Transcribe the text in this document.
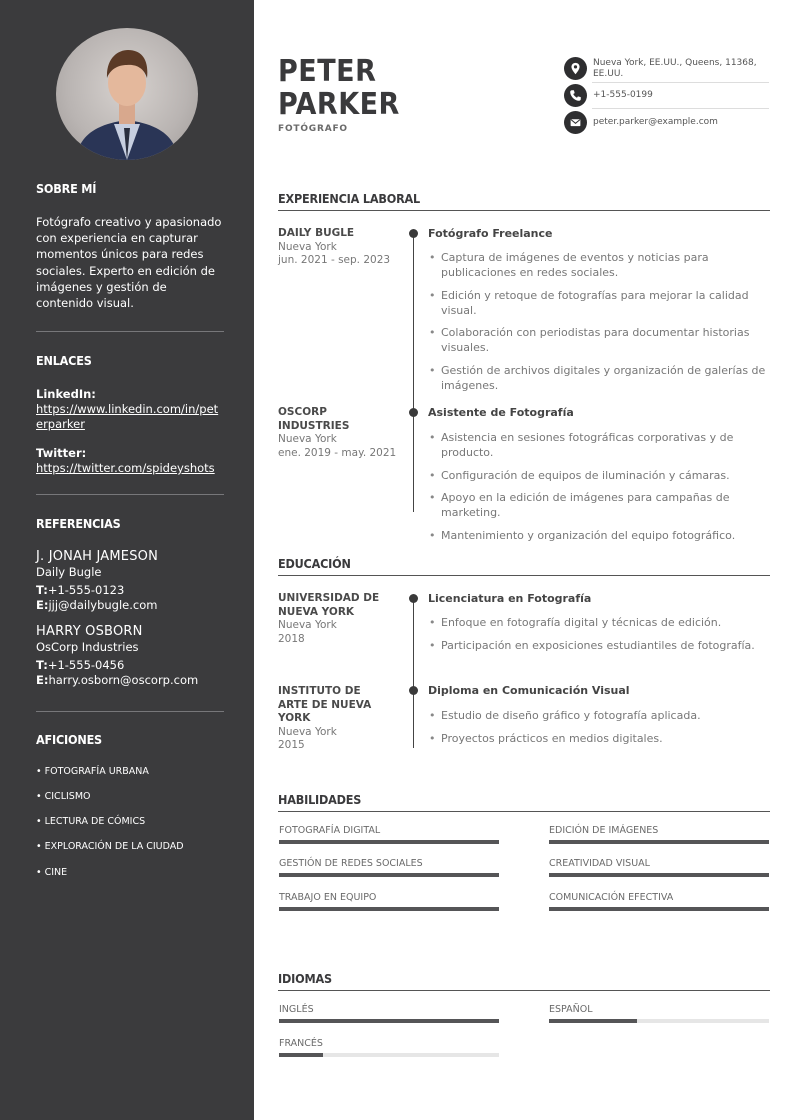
SOBRE MÍ
Fotógrafo creativo y apasionado con experiencia en capturar momentos únicos para redes sociales. Experto en edición de imágenes y gestión de contenido visual.
ENLACES
LinkedIn:
https://www.linkedin.com/in/peterparker
Twitter:
https://twitter.com/spideyshots
REFERENCIAS
J. JONAH JAMESON
Daily Bugle
T:+1-555-0123
E:jjj@dailybugle.com
HARRY OSBORN
OsCorp Industries
T:+1-555-0456
E:harry.osborn@oscorp.com
AFICIONES
• FOTOGRAFÍA URBANA
• CICLISMO
• LECTURA DE CÓMICS
• EXPLORACIÓN DE LA CIUDAD
• CINE
PETER
PARKER
FOTÓGRAFO
Nueva York, EE.UU., Queens, 11368, EE.UU.
+1-555-0199
peter.parker@example.com
EXPERIENCIA LABORAL
DAILY BUGLE
Nueva York
jun. 2021 - sep. 2023
Fotógrafo Freelance
• Captura de imágenes de eventos y noticias para publicaciones en redes sociales.
• Edición y retoque de fotografías para mejorar la calidad visual.
• Colaboración con periodistas para documentar historias visuales.
• Gestión de archivos digitales y organización de galerías de imágenes.
OSCORP INDUSTRIES
Nueva York
ene. 2019 - may. 2021
Asistente de Fotografía
• Asistencia en sesiones fotográficas corporativas y de producto.
• Configuración de equipos de iluminación y cámaras.
• Apoyo en la edición de imágenes para campañas de marketing.
• Mantenimiento y organización del equipo fotográfico.
EDUCACIÓN
UNIVERSIDAD DE NUEVA YORK
Nueva York
2018
Licenciatura en Fotografía
• Enfoque en fotografía digital y técnicas de edición.
• Participación en exposiciones estudiantiles de fotografía.
INSTITUTO DE ARTE DE NUEVA YORK
Nueva York
2015
Diploma en Comunicación Visual
• Estudio de diseño gráfico y fotografía aplicada.
• Proyectos prácticos en medios digitales.
HABILIDADES
FOTOGRAFÍA DIGITAL	EDICIÓN DE IMÁGENES
GESTIÓN DE REDES SOCIALES	CREATIVIDAD VISUAL
TRABAJO EN EQUIPO	COMUNICACIÓN EFECTIVA
IDIOMAS
INGLÉS	ESPAÑOL
FRANCÉS
